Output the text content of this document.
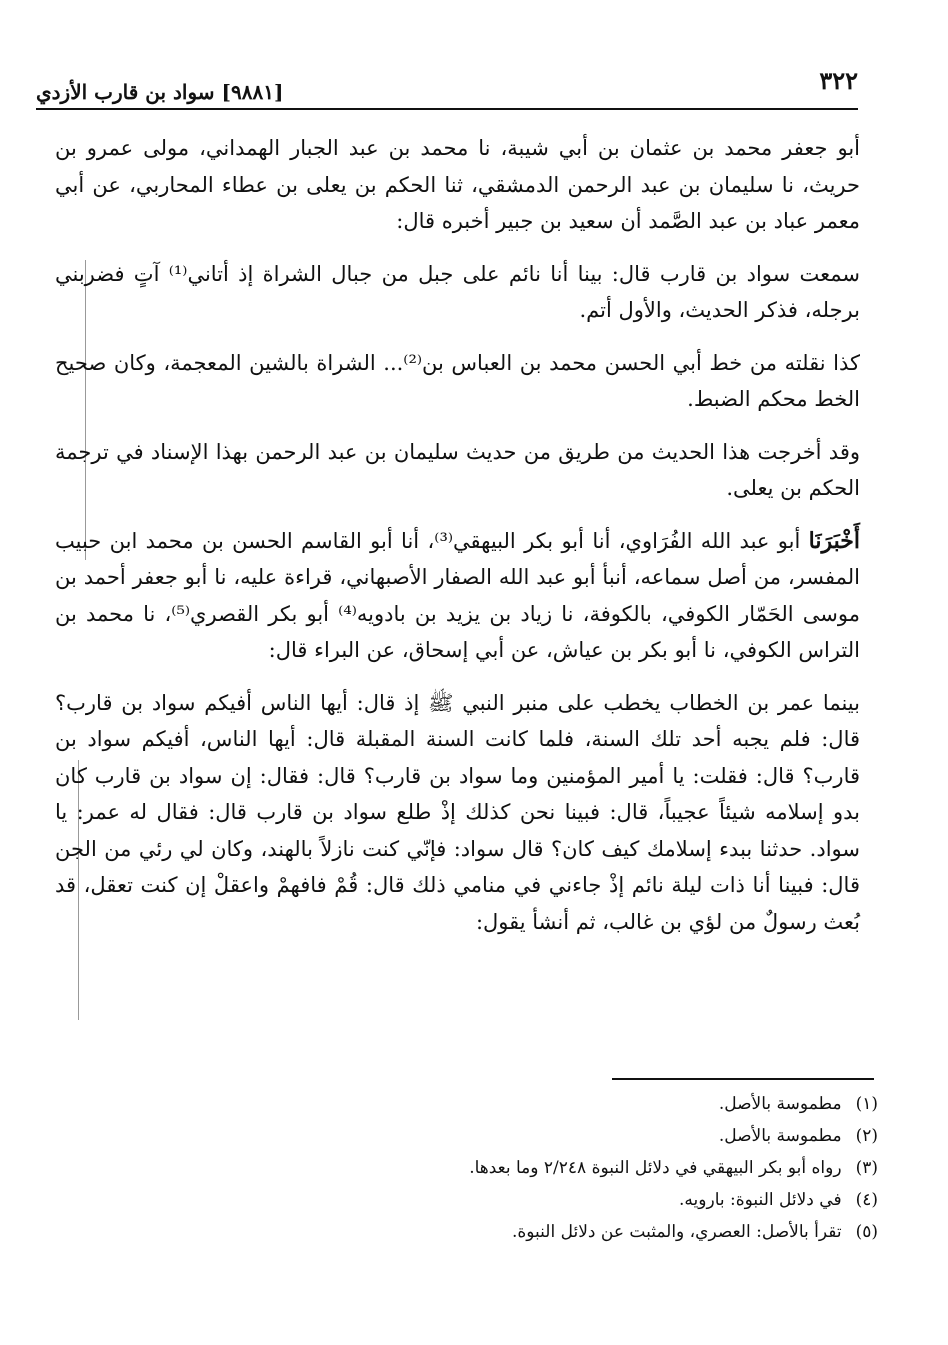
٣٢٢
[٩٨٨١] سواد بن قارب الأزدي

أبو جعفر محمد بن عثمان بن أبي شيبة، نا محمد بن عبد الجبار الهمداني، مولى عمرو بن حريث، نا سليمان بن عبد الرحمن الدمشقي، ثنا الحكم بن يعلى بن عطاء المحاربي، عن أبي معمر عباد بن عبد الصَّمد أن سعيد بن جبير أخبره قال:

سمعت سواد بن قارب قال: بينا أنا نائم على جبل من جبال الشراة إذ أتاني⁽¹⁾ آتٍ فضربني برجله، فذكر الحديث، والأول أتم.

كذا نقلته من خط أبي الحسن محمد بن العباس بن⁽²⁾... الشراة بالشين المعجمة، وكان صحيح الخط محكم الضبط.

وقد أخرجت هذا الحديث من طريق من حديث سليمان بن عبد الرحمن بهذا الإسناد في ترجمة الحكم بن يعلى.

أَخْبَرَنَا أبو عبد الله الفُرَاوي، أنا أبو بكر البيهقي⁽³⁾، أنا أبو القاسم الحسن بن محمد ابن حبيب المفسر، من أصل سماعه، أنبأ أبو عبد الله الصفار الأصبهاني، قراءة عليه، نا أبو جعفر أحمد بن موسى الحَمّار الكوفي، بالكوفة، نا زياد بن يزيد بن بادويه⁽⁴⁾ أبو بكر القصري⁽⁵⁾، نا محمد بن التراس الكوفي، نا أبو بكر بن عياش، عن أبي إسحاق، عن البراء قال:

بينما عمر بن الخطاب يخطب على منبر النبي ﷺ إذ قال: أيها الناس أفيكم سواد بن قارب؟ قال: فلم يجبه أحد تلك السنة، فلما كانت السنة المقبلة قال: أيها الناس، أفيكم سواد بن قارب؟ قال: فقلت: يا أمير المؤمنين وما سواد بن قارب؟ قال: فقال: إن سواد بن قارب كان بدو إسلامه شيئاً عجيباً، قال: فبينا نحن كذلك إذْ طلع سواد بن قارب قال: فقال له عمر: يا سواد. حدثنا ببدء إسلامك كيف كان؟ قال سواد: فإنّي كنت نازلاً بالهند، وكان لي رئي من الجن قال: فبينا أنا ذات ليلة نائم إذْ جاءني في منامي ذلك قال: قُمْ فافهمْ واعقلْ إن كنت تعقل، قد بُعث رسولٌ من لؤي بن غالب، ثم أنشأ يقول:

(١)مطموسة بالأصل.
(٢)مطموسة بالأصل.
(٣)رواه أبو بكر البيهقي في دلائل النبوة ٢/٢٤٨ وما بعدها.
(٤)في دلائل النبوة: بارويه.
(٥)تقرأ بالأصل: العصري، والمثبت عن دلائل النبوة.
